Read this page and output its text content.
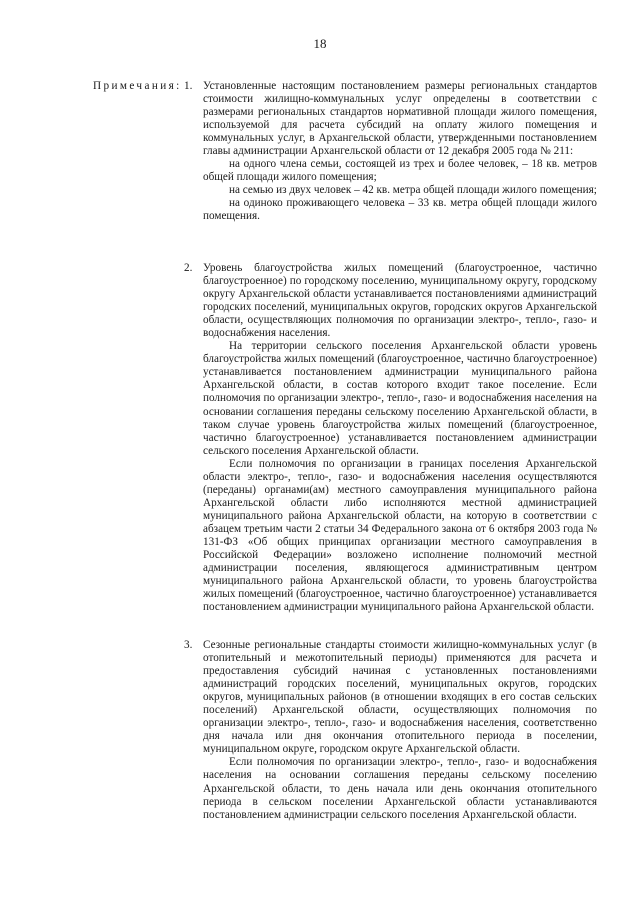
18
Примечания: 1. Установленные настоящим постановлением размеры региональных стандартов стоимости жилищно-коммунальных услуг определены в соответствии с размерами региональных стандартов нормативной площади жилого помещения, используемой для расчета субсидий на оплату жилого помещения и коммунальных услуг, в Архангельской области, утвержденными постановлением главы администрации Архангельской области от 12 декабря 2005 года № 211:

на одного члена семьи, состоящей из трех и более человек, – 18 кв. метров общей площади жилого помещения;

на семью из двух человек – 42 кв. метра общей площади жилого помещения;

на одиноко проживающего человека – 33 кв. метра общей площади жилого помещения.

2. Уровень благоустройства жилых помещений (благоустроенное, частично благоустроенное) по городскому поселению, муниципальному округу, городскому округу Архангельской области устанавливается постановлениями администраций городских поселений, муниципальных округов, городских округов Архангельской области, осуществляющих полномочия по организации электро-, тепло-, газо- и водоснабжения населения.

На территории сельского поселения Архангельской области уровень благоустройства жилых помещений (благоустроенное, частично благоустроенное) устанавливается постановлением администрации муниципального района Архангельской области, в состав которого входит такое поселение. Если полномочия по организации электро-, тепло-, газо- и водоснабжения населения на основании соглашения переданы сельскому поселению Архангельской области, в таком случае уровень благоустройства жилых помещений (благоустроенное, частично благоустроенное) устанавливается постановлением администрации сельского поселения Архангельской области.

Если полномочия по организации в границах поселения Архангельской области электро-, тепло-, газо- и водоснабжения населения осуществляются (переданы) органами(ам) местного самоуправления муниципального района Архангельской области либо исполняются местной администрацией муниципального района Архангельской области, на которую в соответствии с абзацем третьим части 2 статьи 34 Федерального закона от 6 октября 2003 года № 131-ФЗ «Об общих принципах организации местного самоуправления в Российской Федерации» возложено исполнение полномочий местной администрации поселения, являющегося административным центром муниципального района Архангельской области, то уровень благоустройства жилых помещений (благоустроенное, частично благоустроенное) устанавливается постановлением администрации муниципального района Архангельской области.

3. Сезонные региональные стандарты стоимости жилищно-коммунальных услуг (в отопительный и межотопительный периоды) применяются для расчета и предоставления субсидий начиная с установленных постановлениями администраций городских поселений, муниципальных округов, городских округов, муниципальных районов (в отношении входящих в его состав сельских поселений) Архангельской области, осуществляющих полномочия по организации электро-, тепло-, газо- и водоснабжения населения, соответственно дня начала или дня окончания отопительного периода в поселении, муниципальном округе, городском округе Архангельской области.

Если полномочия по организации электро-, тепло-, газо- и водоснабжения населения на основании соглашения переданы сельскому поселению Архангельской области, то день начала или день окончания отопительного периода в сельском поселении Архангельской области устанавливаются постановлением администрации сельского поселения Архангельской области.
